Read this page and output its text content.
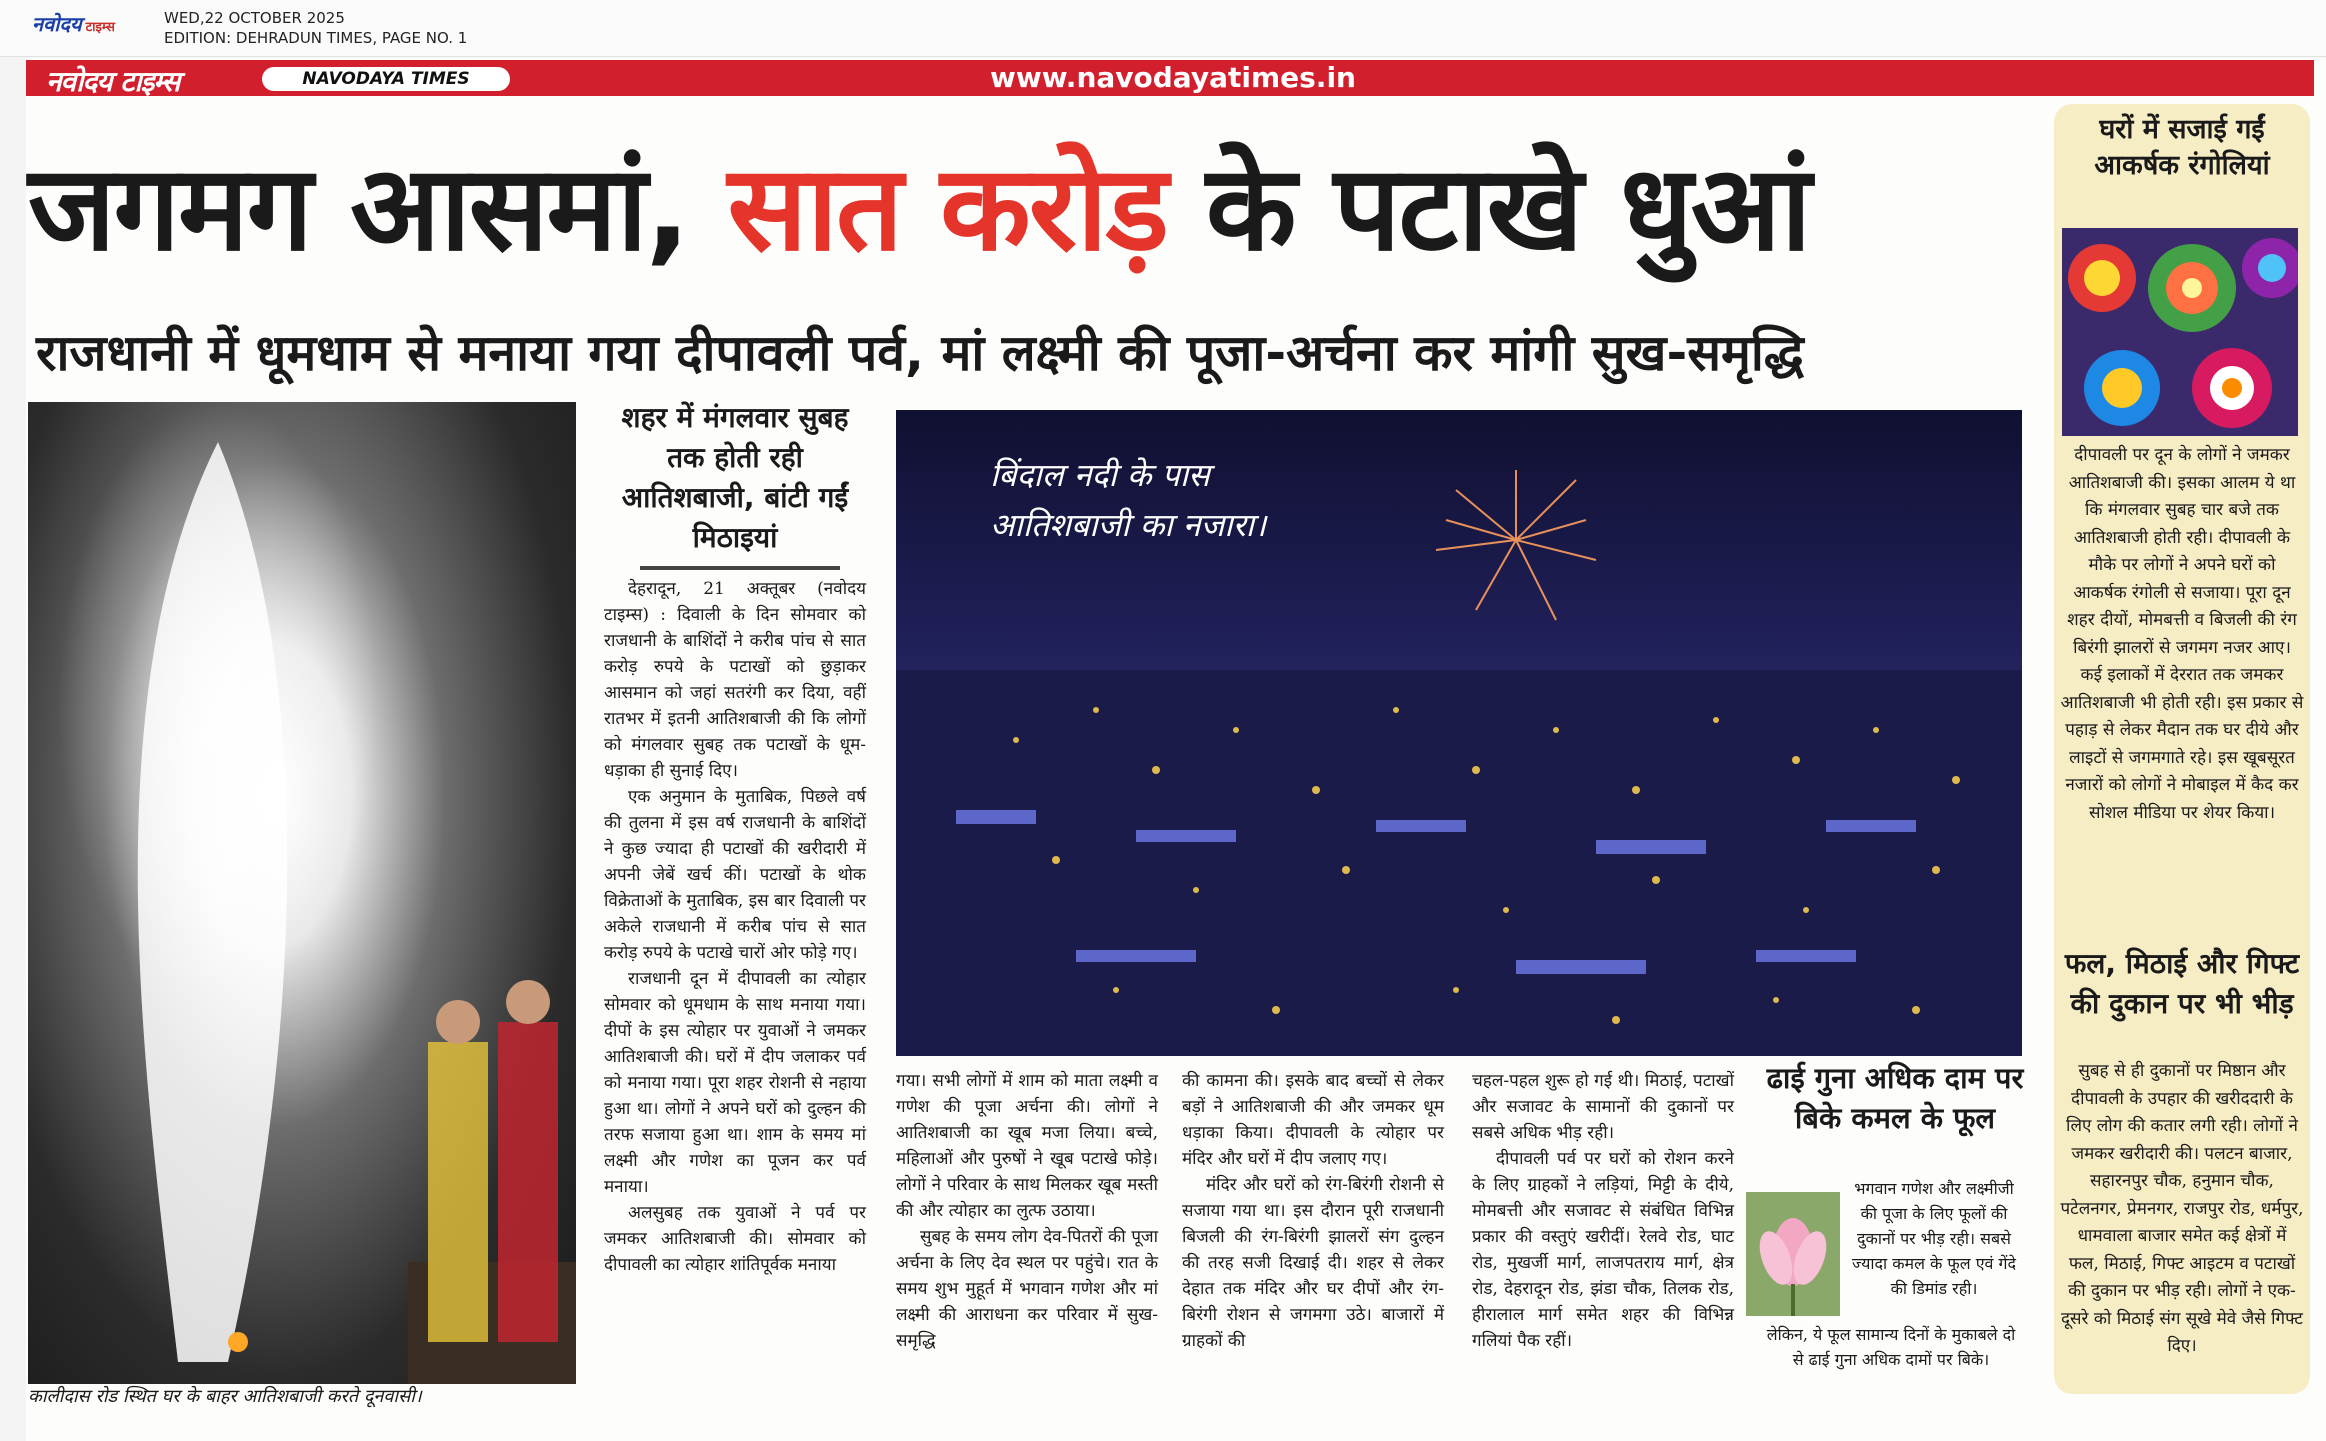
नवोदय टाइम्स
WED,22 OCTOBER 2025
EDITION: DEHRADUN TIMES, PAGE NO. 1
नवोदय टाइम्स	NAVODAYA TIMES	www.navodayatimes.in
जगमग आसमां, सात करोड़ के पटाखे धुआं
राजधानी में धूमधाम से मनाया गया दीपावली पर्व, मां लक्ष्मी की पूजा-अर्चना कर मांगी सुख-समृद्धि
कालीदास रोड स्थित घर के बाहर आतिशबाजी करते दूनवासी।
शहर में मंगलवार सुबह तक होती रही आतिशबाजी, बांटी गईं मिठाइयां

देहरादून, 21 अक्तूबर (नवोदय टाइम्स) : दिवाली के दिन सोमवार को राजधानी के बाशिंदों ने करीब पांच से सात करोड़ रुपये के पटाखों को छुड़ाकर आसमान को जहां सतरंगी कर दिया, वहीं रातभर में इतनी आतिशबाजी की कि लोगों को मंगलवार सुबह तक पटाखों के धूम-धड़ाका ही सुनाई दिए।

एक अनुमान के मुताबिक, पिछले वर्ष की तुलना में इस वर्ष राजधानी के बाशिंदों ने कुछ ज्यादा ही पटाखों की खरीदारी में अपनी जेबें खर्च कीं। पटाखों के थोक विक्रेताओं के मुताबिक, इस बार दिवाली पर अकेले राजधानी में करीब पांच से सात करोड़ रुपये के पटाखे चारों ओर फोड़े गए।

राजधानी दून में दीपावली का त्योहार सोमवार को धूमधाम के साथ मनाया गया। दीपों के इस त्योहार पर युवाओं ने जमकर आतिशबाजी की। घरों में दीप जलाकर पर्व को मनाया गया। पूरा शहर रोशनी से नहाया हुआ था। लोगों ने अपने घरों को दुल्हन की तरफ सजाया हुआ था। शाम के समय मां लक्ष्मी और गणेश का पूजन कर पर्व मनाया।

अलसुबह तक युवाओं ने पर्व पर जमकर आतिशबाजी की। सोमवार को दीपावली का त्योहार शांतिपूर्वक मनाया

बिंदाल नदी के पास
आतिशबाजी का नजारा।

गया। सभी लोगों में शाम को माता लक्ष्मी व गणेश की पूजा अर्चना की। लोगों ने आतिशबाजी का खूब मजा लिया। बच्चे, महिलाओं और पुरुषों ने खूब पटाखे फोड़े। लोगों ने परिवार के साथ मिलकर खूब मस्ती की और त्योहार का लुत्फ उठाया।

सुबह के समय लोग देव-पितरों की पूजा अर्चना के लिए देव स्थल पर पहुंचे। रात के समय शुभ मुहूर्त में भगवान गणेश और मां लक्ष्मी की आराधना कर परिवार में सुख-समृद्धि

की कामना की। इसके बाद बच्चों से लेकर बड़ों ने आतिशबाजी की और जमकर धूम धड़ाका किया। दीपावली के त्योहार पर मंदिर और घरों में दीप जलाए गए।

मंदिर और घरों को रंग-बिरंगी रोशनी से सजाया गया था। इस दौरान पूरी राजधानी बिजली की रंग-बिरंगी झालरों संग दुल्हन की तरह सजी दिखाई दी। शहर से लेकर देहात तक मंदिर और घर दीपों और रंग-बिरंगी रोशन से जगमगा उठे। बाजारों में ग्राहकों की

चहल-पहल शुरू हो गई थी। मिठाई, पटाखों और सजावट के सामानों की दुकानों पर सबसे अधिक भीड़ रही।

दीपावली पर्व पर घरों को रोशन करने के लिए ग्राहकों ने लड़ियां, मिट्टी के दीये, मोमबत्ती और सजावट से संबंधित विभिन्न प्रकार की वस्तुएं खरीदीं। रेलवे रोड, घाट रोड, मुखर्जी मार्ग, लाजपतराय मार्ग, क्षेत्र रोड, देहरादून रोड, झंडा चौक, तिलक रोड, हीरालाल मार्ग समेत शहर की विभिन्न गलियां पैक रहीं।

ढाई गुना अधिक दाम पर बिके कमल के फूल
भगवान गणेश और लक्ष्मीजी की पूजा के लिए फूलों की दुकानों पर भीड़ रही। सबसे ज्यादा कमल के फूल एवं गेंदे की डिमांड रही।
लेकिन, ये फूल सामान्य दिनों के मुकाबले दो से ढाई गुना अधिक दामों पर बिके।
घरों में सजाई गईं आकर्षक रंगोलियां
दीपावली पर दून के लोगों ने जमकर आतिशबाजी की। इसका आलम ये था कि मंगलवार सुबह चार बजे तक आतिशबाजी होती रही। दीपावली के मौके पर लोगों ने अपने घरों को आकर्षक रंगोली से सजाया। पूरा दून शहर दीयों, मोमबत्ती व बिजली की रंग बिरंगी झालरों से जगमग नजर आए। कई इलाकों में देररात तक जमकर आतिशबाजी भी होती रही। इस प्रकार से पहाड़ से लेकर मैदान तक घर दीये और लाइटों से जगमगाते रहे। इस खूबसूरत नजारों को लोगों ने मोबाइल में कैद कर सोशल मीडिया पर शेयर किया।
फल, मिठाई और गिफ्ट की दुकान पर भी भीड़
सुबह से ही दुकानों पर मिष्ठान और दीपावली के उपहार की खरीददारी के लिए लोग की कतार लगी रही। लोगों ने जमकर खरीदारी की। पलटन बाजार, सहारनपुर चौक, हनुमान चौक, पटेलनगर, प्रेमनगर, राजपुर रोड, धर्मपुर, धामवाला बाजार समेत कई क्षेत्रों में फल, मिठाई, गिफ्ट आइटम व पटाखों की दुकान पर भीड़ रही। लोगों ने एक-दूसरे को मिठाई संग सूखे मेवे जैसे गिफ्ट दिए।
